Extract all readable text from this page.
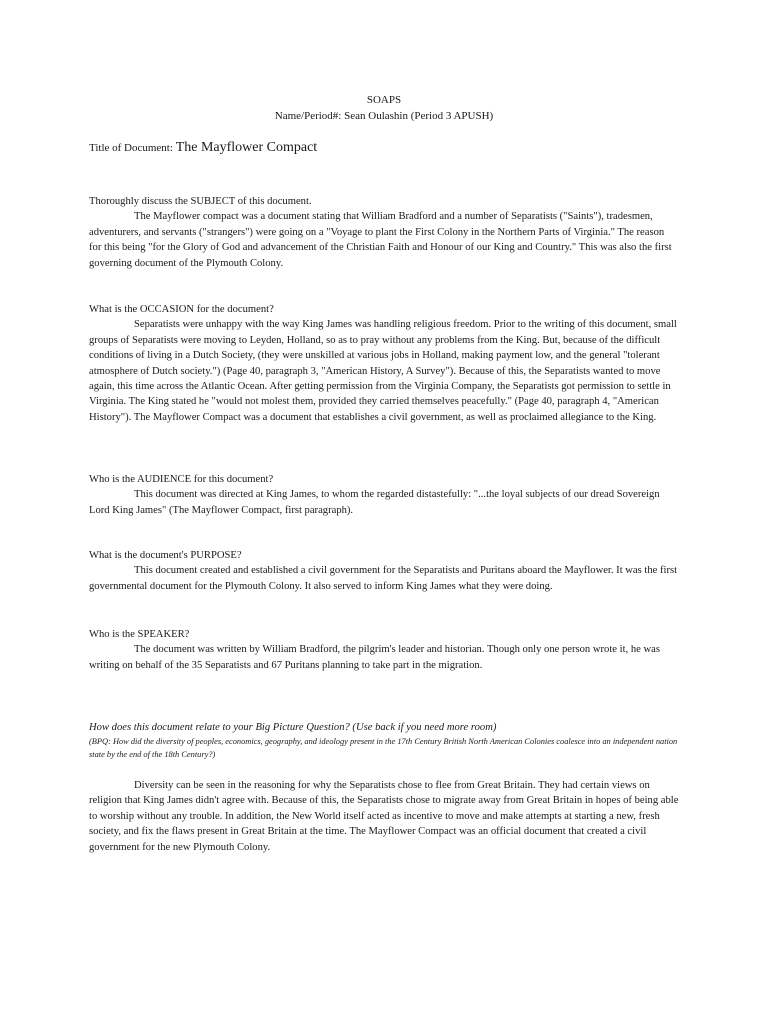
SOAPS
Name/Period#: Sean Oulashin (Period 3 APUSH)
Title of Document: The Mayflower Compact

Thoroughly discuss the SUBJECT of this document.

The Mayflower compact was a document stating that William Bradford and a number of Separatists ("Saints"), tradesmen, adventurers, and servants ("strangers") were going on a "Voyage to plant the First Colony in the Northern Parts of Virginia." The reason for this being "for the Glory of God and advancement of the Christian Faith and Honour of our King and Country." This was also the first governing document of the Plymouth Colony.

What is the OCCASION for the document?

Separatists were unhappy with the way King James was handling religious freedom. Prior to the writing of this document, small groups of Separatists were moving to Leyden, Holland, so as to pray without any problems from the King. But, because of the difficult conditions of living in a Dutch Society, (they were unskilled at various jobs in Holland, making payment low, and the general "tolerant atmosphere of Dutch society.") (Page 40, paragraph 3, "American History, A Survey"). Because of this, the Separatists wanted to move again, this time across the Atlantic Ocean. After getting permission from the Virginia Company, the Separatists got permission to settle in Virginia. The King stated he "would not molest them, provided they carried themselves peacefully." (Page 40, paragraph 4, "American History"). The Mayflower Compact was a document that establishes a civil government, as well as proclaimed allegiance to the King.

Who is the AUDIENCE for this document?

This document was directed at King James, to whom the regarded distastefully: "...the loyal subjects of our dread Sovereign Lord King James" (The Mayflower Compact, first paragraph).

What is the document's PURPOSE?

This document created and established a civil government for the Separatists and Puritans aboard the Mayflower. It was the first governmental document for the Plymouth Colony. It also served to inform King James what they were doing.

Who is the SPEAKER?

The document was written by William Bradford, the pilgrim's leader and historian. Though only one person wrote it, he was writing on behalf of the 35 Separatists and 67 Puritans planning to take part in the migration.

How does this document relate to your Big Picture Question? (Use back if you need more room)

(BPQ: How did the diversity of peoples, economics, geography, and ideology present in the 17th Century British North American Colonies coalesce into an independent nation state by the end of the 18th Century?)

Diversity can be seen in the reasoning for why the Separatists chose to flee from Great Britain. They had certain views on religion that King James didn't agree with. Because of this, the Separatists chose to migrate away from Great Britain in hopes of being able to worship without any trouble. In addition, the New World itself acted as incentive to move and make attempts at starting a new, fresh society, and fix the flaws present in Great Britain at the time. The Mayflower Compact was an official document that created a civil government for the new Plymouth Colony.
